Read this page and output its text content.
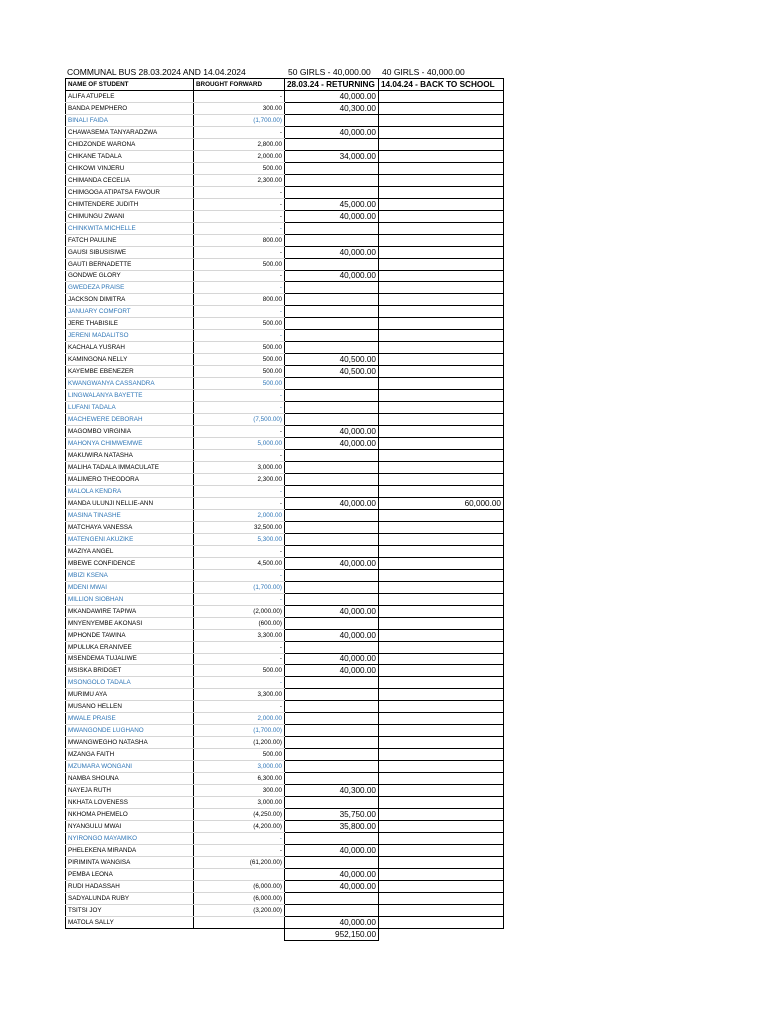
COMMUNAL BUS 28.03.2024 AND 14.04.2024	50 GIRLS - 40,000.00 40 GIRLS - 40,000.00
NAME OF STUDENT	BROUGHT FORWARD	28.03.24 - RETURNING	14.04.24 - BACK TO SCHOOL
ALIFA ATUPELE	-	40,000.00	
BANDA PEMPHERO	300.00	40,300.00	
BINALI FAIDA	(1,700.00)		
CHAWASEMA TANYARADZWA	-	40,000.00	
CHIDZONDE WARONA	2,800.00		
CHIKANE TADALA	2,000.00	34,000.00	
CHIKOWI VINJERU	500.00		
CHIMANDA CECELIA	2,300.00		
CHIMGOGA ATIPATSA FAVOUR	-		
CHIMTENDERE JUDITH	-	45,000.00	
CHIMUNGU ZWANI	-	40,000.00	
CHINKWITA MICHELLE	-		
FATCH PAULINE	800.00		
GAUSI SIBUSISIWE	-	40,000.00	
GAUTI BERNADETTE	500.00		
GONDWE GLORY	-	40,000.00	
GWEDEZA PRAISE	-		
JACKSON DIMITRA	800.00		
JANUARY COMFORT	-		
JERE THABISILE	500.00		
JERENI MADALITSO	-		
KACHALA YUSRAH	500.00		
KAMINGONA NELLY	500.00	40,500.00	
KAYEMBE EBENEZER	500.00	40,500.00	
KWANGWANYA CASSANDRA	500.00		
LINGWALANYA BAYETTE	-		
LUFANI TADALA	-		
MACHEWERE DEBORAH	(7,500.00)		
MAGOMBO VIRGINIA	-	40,000.00	
MAHONYA CHIMWEMWE	5,000.00	40,000.00	
MAKUWIRA NATASHA	-		
MALIHA TADALA IMMACULATE	3,000.00		
MALIMERO THEODORA	2,300.00		
MALOLA KENDRA	-		
MANDA ULUNJI NELLIE-ANN	-	40,000.00	60,000.00
MASINA TINASHE	2,000.00		
MATCHAYA VANESSA	32,500.00		
MATENGENI AKUZIKE	5,300.00		
MAZIYA ANGEL	-		
MBEWE CONFIDENCE	4,500.00	40,000.00	
MBIZI KSENA	-		
MDENI MWAI	(1,700.00)		
MILLION SIOBHAN	-		
MKANDAWIRE TAPIWA	(2,000.00)	40,000.00	
MNYENYEMBE AKONASI	(600.00)		
MPHONDE TAWINA	3,300.00	40,000.00	
MPULUKA ERANIVEE	-		
MSENDEMA TUJALIWE	-	40,000.00	
MSISKA BRIDGET	500.00	40,000.00	
MSONGOLO TADALA	-		
MURIMU AYA	3,300.00		
MUSANO HELLEN	-		
MWALE PRAISE	2,000.00		
MWANGONDE LUGHANO	(1,700.00)		
MWANGWEGHO NATASHA	(1,200.00)		
MZANGA FAITH	500.00		
MZUMARA WONGANI	3,000.00		
NAMBA SHOUNA	6,300.00		
NAYEJA RUTH	300.00	40,300.00	
NKHATA LOVENESS	3,000.00		
NKHOMA PHEMELO	(4,250.00)	35,750.00	
NYANGULU MWAI	(4,200.00)	35,800.00	
NYIRONGO MAYAMIKO	-		
PHELEKENA MIRANDA	-	40,000.00	
PIRIMINTA WANGISA	(61,200.00)		
PEMBA LEONA		40,000.00	
RUDI HADASSAH	(6,000.00)	40,000.00	
SADYALUNDA RUBY	(6,000.00)		
TSITSI JOY	(3,200.00)		
MATOLA SALLY		40,000.00	
		952,150.00	
